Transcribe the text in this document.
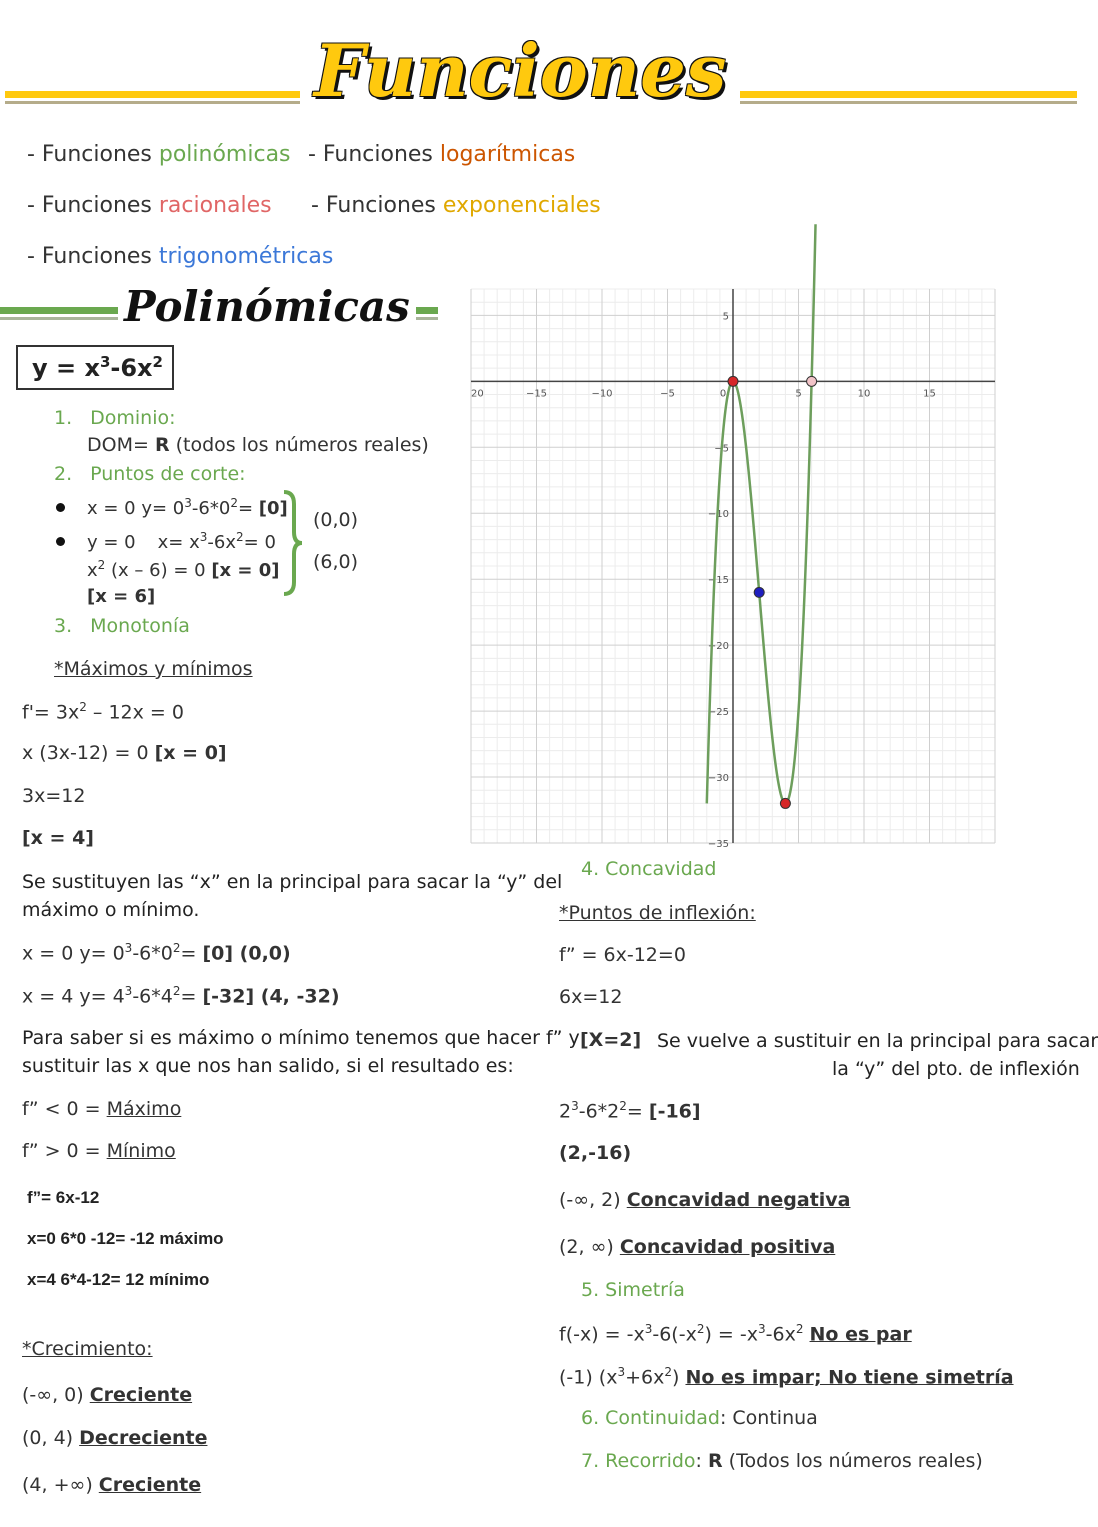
Funciones
- Funciones polinómicas - Funciones logarítmicas
- Funciones racionales - Funciones exponenciales
- Funciones trigonométricas
Polinómicas
$y = x^3-6x^2$
1. Dominio:
DOM= R (todos los números reales)
2. Puntos de corte:
x = 0 $y= 0^3-6*0^2= [0]$
y = 0 $x= x^3-6x^2= 0$
$x^2$ (x – 6) = 0 [x = 0]
[x = 6]
(0,0)
(6,0)
3. Monotonía
*Máximos y mínimos
$f'= 3x^2 - 12x = 0$
x (3x-12) = 0 [x = 0]
3x=12
[x = 4]
Se sustituyen las “x” en la principal para sacar la “y” del
máximo o mínimo.
x = 0 $y= 0^3-6*0^2= [0]$ (0,0)
x = 4 $y= 4^3-6*4^2= [-32]$ (4, -32)
Para saber si es máximo o mínimo tenemos que hacer f” y
sustituir las x que nos han salido, si el resultado es:
f” < 0 = Máximo
f” > 0 = Mínimo
f”= 6x-12
x=0 6*0 -12= -12 máximo
x=4 6*4-12= 12 mínimo
*Crecimiento:
(-∞, 0) Creciente
(0, 4) Decreciente
(4, +∞) Creciente
20	−15	−10	−5	0	5	10	15
5
−5
−10
−15
−20
−25
−30
−35
4. Concavidad
*Puntos de inflexión:
f” = 6x-12=0
6x=12
[X=2] Se vuelve a sustituir en la principal para sacar
la “y” del pto. de inflexión
$2^3-6*2^2= [-16]$
(2,-16)
(-∞, 2) Concavidad negativa
(2, ∞) Concavidad positiva
5. Simetría
$f(-x) = -x^3-6(-x^2) = -x^3-6x^2$ No es par
(-1) $(x^3+6x^2)$ No es impar; No tiene simetría
6. Continuidad: Continua
7. Recorrido: R (Todos los números reales)
